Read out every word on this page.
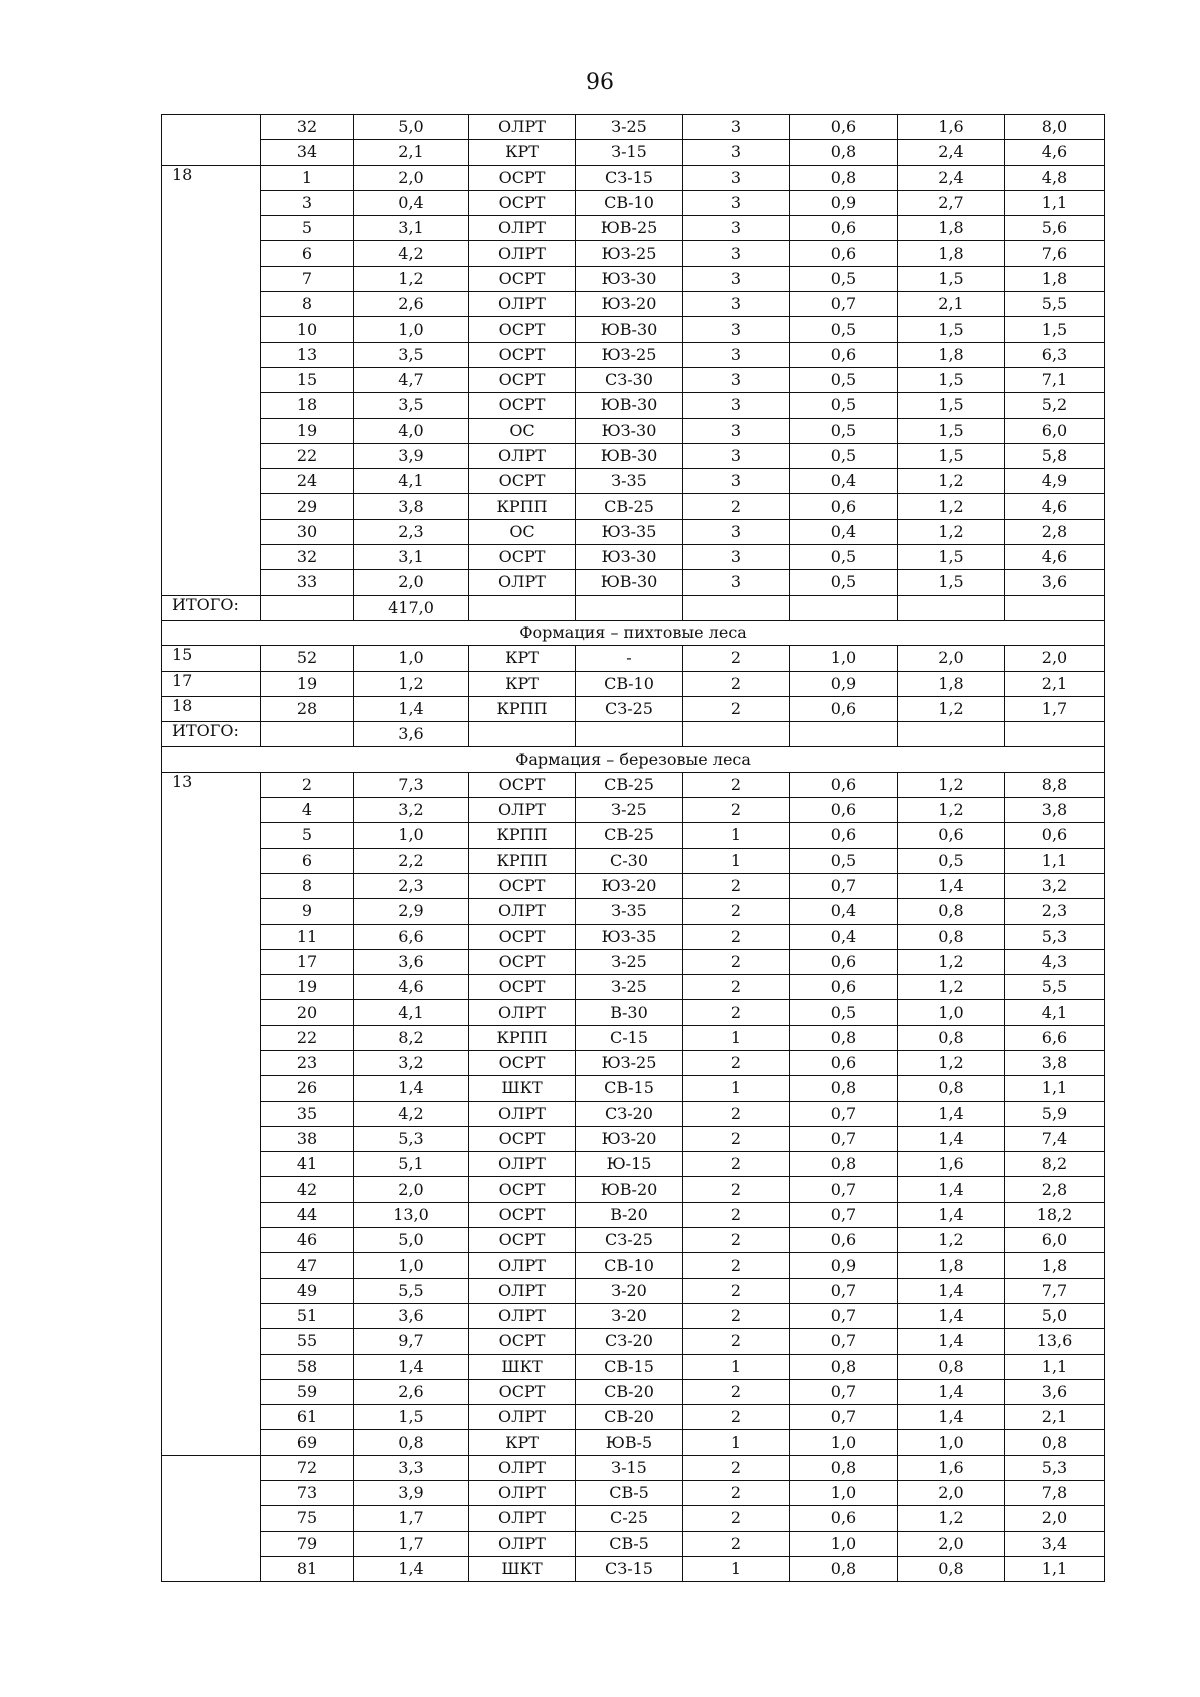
96
	32	5,0	ОЛРТ	З-25	3	0,6	1,6	8,0
	34	2,1	КРТ	З-15	3	0,8	2,4	4,6
18	1	2,0	ОСРТ	СЗ-15	3	0,8	2,4	4,8
	3	0,4	ОСРТ	СВ-10	3	0,9	2,7	1,1
	5	3,1	ОЛРТ	ЮВ-25	3	0,6	1,8	5,6
	6	4,2	ОЛРТ	ЮЗ-25	3	0,6	1,8	7,6
	7	1,2	ОСРТ	ЮЗ-30	3	0,5	1,5	1,8
	8	2,6	ОЛРТ	ЮЗ-20	3	0,7	2,1	5,5
	10	1,0	ОСРТ	ЮВ-30	3	0,5	1,5	1,5
	13	3,5	ОСРТ	ЮЗ-25	3	0,6	1,8	6,3
	15	4,7	ОСРТ	СЗ-30	3	0,5	1,5	7,1
	18	3,5	ОСРТ	ЮВ-30	3	0,5	1,5	5,2
	19	4,0	ОС	ЮЗ-30	3	0,5	1,5	6,0
	22	3,9	ОЛРТ	ЮВ-30	3	0,5	1,5	5,8
	24	4,1	ОСРТ	З-35	3	0,4	1,2	4,9
	29	3,8	КРПП	СВ-25	2	0,6	1,2	4,6
	30	2,3	ОС	ЮЗ-35	3	0,4	1,2	2,8
	32	3,1	ОСРТ	ЮЗ-30	3	0,5	1,5	4,6
	33	2,0	ОЛРТ	ЮВ-30	3	0,5	1,5	3,6
ИТОГО:		417,0						
Формация – пихтовые леса								
15	52	1,0	КРТ	-	2	1,0	2,0	2,0
17	19	1,2	КРТ	СВ-10	2	0,9	1,8	2,1
18	28	1,4	КРПП	СЗ-25	2	0,6	1,2	1,7
ИТОГО:		3,6						
Фармация – березовые леса								
13	2	7,3	ОСРТ	СВ-25	2	0,6	1,2	8,8
	4	3,2	ОЛРТ	З-25	2	0,6	1,2	3,8
	5	1,0	КРПП	СВ-25	1	0,6	0,6	0,6
	6	2,2	КРПП	С-30	1	0,5	0,5	1,1
	8	2,3	ОСРТ	ЮЗ-20	2	0,7	1,4	3,2
	9	2,9	ОЛРТ	З-35	2	0,4	0,8	2,3
	11	6,6	ОСРТ	ЮЗ-35	2	0,4	0,8	5,3
	17	3,6	ОСРТ	З-25	2	0,6	1,2	4,3
	19	4,6	ОСРТ	З-25	2	0,6	1,2	5,5
	20	4,1	ОЛРТ	В-30	2	0,5	1,0	4,1
	22	8,2	КРПП	С-15	1	0,8	0,8	6,6
	23	3,2	ОСРТ	ЮЗ-25	2	0,6	1,2	3,8
	26	1,4	ШКТ	СВ-15	1	0,8	0,8	1,1
	35	4,2	ОЛРТ	СЗ-20	2	0,7	1,4	5,9
	38	5,3	ОСРТ	ЮЗ-20	2	0,7	1,4	7,4
	41	5,1	ОЛРТ	Ю-15	2	0,8	1,6	8,2
	42	2,0	ОСРТ	ЮВ-20	2	0,7	1,4	2,8
	44	13,0	ОСРТ	В-20	2	0,7	1,4	18,2
	46	5,0	ОСРТ	СЗ-25	2	0,6	1,2	6,0
	47	1,0	ОЛРТ	СВ-10	2	0,9	1,8	1,8
	49	5,5	ОЛРТ	З-20	2	0,7	1,4	7,7
	51	3,6	ОЛРТ	З-20	2	0,7	1,4	5,0
	55	9,7	ОСРТ	СЗ-20	2	0,7	1,4	13,6
	58	1,4	ШКТ	СВ-15	1	0,8	0,8	1,1
	59	2,6	ОСРТ	СВ-20	2	0,7	1,4	3,6
	61	1,5	ОЛРТ	СВ-20	2	0,7	1,4	2,1
	69	0,8	КРТ	ЮВ-5	1	1,0	1,0	0,8
	72	3,3	ОЛРТ	З-15	2	0,8	1,6	5,3
	73	3,9	ОЛРТ	СВ-5	2	1,0	2,0	7,8
	75	1,7	ОЛРТ	С-25	2	0,6	1,2	2,0
	79	1,7	ОЛРТ	СВ-5	2	1,0	2,0	3,4
	81	1,4	ШКТ	СЗ-15	1	0,8	0,8	1,1
